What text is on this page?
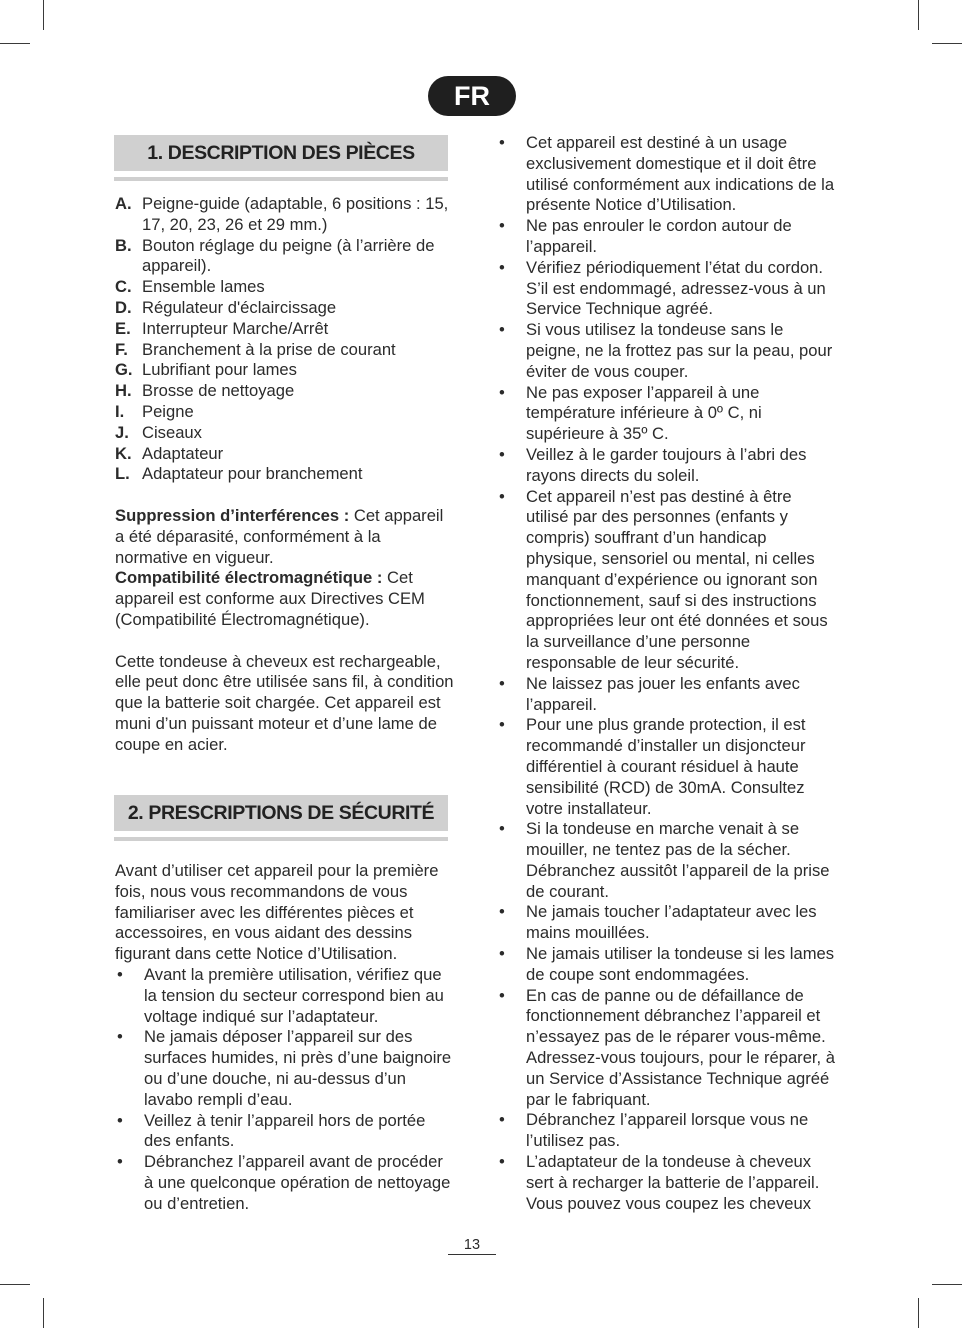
FR
1. DESCRIPTION DES PIÈCES
A. Peigne-guide (adaptable, 6 positions : 15, 17, 20, 23, 26 et 29 mm.)
B. Bouton réglage du peigne (à l’arrière de appareil).
C. Ensemble lames
D. Régulateur d'éclaircissage
E. Interrupteur Marche/Arrêt
F. Branchement à la prise de courant
G. Lubrifiant pour lames
H. Brosse de nettoyage
I. Peigne
J. Ciseaux
K. Adaptateur
L. Adaptateur pour branchement

Suppression d’interférences : Cet appareil a été déparasité, conformément à la normative en vigueur.

Compatibilité électromagnétique : Cet appareil est conforme aux Directives CEM (Compatibilité Électromagnétique).

Cette tondeuse à cheveux est rechargeable, elle peut donc être utilisée sans fil, à condition que la batterie soit chargée. Cet appareil est muni d’un puissant moteur et d’une lame de coupe en acier.

2. PRESCRIPTIONS DE SÉCURITÉ

Avant d’utiliser cet appareil pour la première fois, nous vous recommandons de vous familiariser avec les différentes pièces et accessoires, en vous aidant des dessins figurant dans cette Notice d’Utilisation.

• Avant la première utilisation, vérifiez que la tension du secteur correspond bien au voltage indiqué sur l’adaptateur.
• Ne jamais déposer l’appareil sur des surfaces humides, ni près d’une baignoire ou d’une douche, ni au-dessus d’un lavabo rempli d’eau.
• Veillez à tenir l’appareil hors de portée des enfants.
• Débranchez l’appareil avant de procéder à une quelconque opération de nettoyage ou d’entretien.
• Cet appareil est destiné à un usage exclusivement domestique et il doit être utilisé conformément aux indications de la présente Notice d’Utilisation.
• Ne pas enrouler le cordon autour de l’appareil.
• Vérifiez périodiquement l’état du cordon. S’il est endommagé, adressez-vous à un Service Technique agréé.
• Si vous utilisez la tondeuse sans le peigne, ne la frottez pas sur la peau, pour éviter de vous couper.
• Ne pas exposer l’appareil à une température inférieure à 0º C, ni supérieure à 35º C.
• Veillez à le garder toujours à l’abri des rayons directs du soleil.
• Cet appareil n’est pas destiné à être utilisé par des personnes (enfants y compris) souffrant d’un handicap physique, sensoriel ou mental, ni celles manquant d’expérience ou ignorant son fonctionnement, sauf si des instructions appropriées leur ont été données et sous la surveillance d’une personne responsable de leur sécurité.
• Ne laissez pas jouer les enfants avec l’appareil.
• Pour une plus grande protection, il est recommandé d’installer un disjoncteur différentiel à courant résiduel à haute sensibilité (RCD) de 30mA. Consultez votre installateur.
• Si la tondeuse en marche venait à se mouiller, ne tentez pas de la sécher. Débranchez aussitôt l’appareil de la prise de courant.
• Ne jamais toucher l’adaptateur avec les mains mouillées.
• Ne jamais utiliser la tondeuse si les lames de coupe sont endommagées.
• En cas de panne ou de défaillance de fonctionnement débranchez l’appareil et n’essayez pas de le réparer vous-même. Adressez-vous toujours, pour le réparer, à un Service d’Assistance Technique agréé par le fabriquant.
• Débranchez l’appareil lorsque vous ne l’utilisez pas.
• L’adaptateur de la tondeuse à cheveux sert à recharger la batterie de l’appareil. Vous pouvez vous coupez les cheveux
13
